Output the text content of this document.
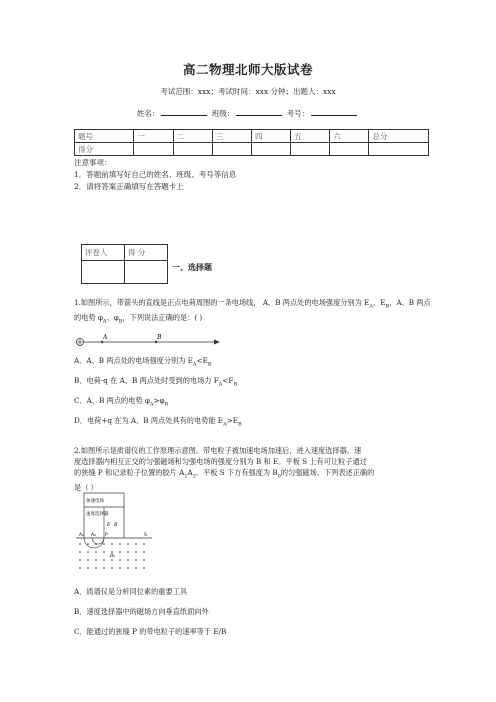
高二物理北师大版试卷
考试范围：xxx；考试时间：xxx 分钟；出题人：xxx
姓名：	班级：	考号：
题号	一	二	三	四	五	六	总分
得分							
注意事项：
1．答题前填写好自己的姓名、班级、考号等信息
2．请将答案正确填写在答题卡上
评卷人	得 分

一、选择题
1.如图所示，带箭头的直线是正点电荷周围的一条电场线， A、B 两点处的电场强度分别为 $E_A$、$E_B$，A、B 两点的电势 $\varphi_A$、$\varphi_B$，下列说法正确的是：( )
A	B
A．A、B 两点处的电场强度分别为 $E_A<E_B$
B．电荷-q 在 A、B 两点处时受到的电场力 $F_A<F_B$
C．A、B 两点的电势 $\varphi_A>\varphi_B$
D．电荷+q 在为 A、B 两点处具有的电势能 $E_A>E_B$
2.如图所示是质谱仪的工作原理示意图。带电粒子被加速电场加速后，进入速度选择器。速
度选择器内相互正交的匀强磁场和匀强电场的强度分别为 B 和 E。平板 S 上有可让粒子通过
的狭缝 P 和记录粒子位置的胶片 $A_1A_2$。平板 S 下方有强度为 $B_0$的匀强磁场。下列表述正确的
是（ ）
加速电场
速度选择器
E B
S
P
A₁ A₂
B₀
A．质谱仪是分析同位素的重要工具
B．速度选择器中的磁场方向垂直纸面向外
C．能通过的狭缝 P 的带电粒子的速率等于 E/B
